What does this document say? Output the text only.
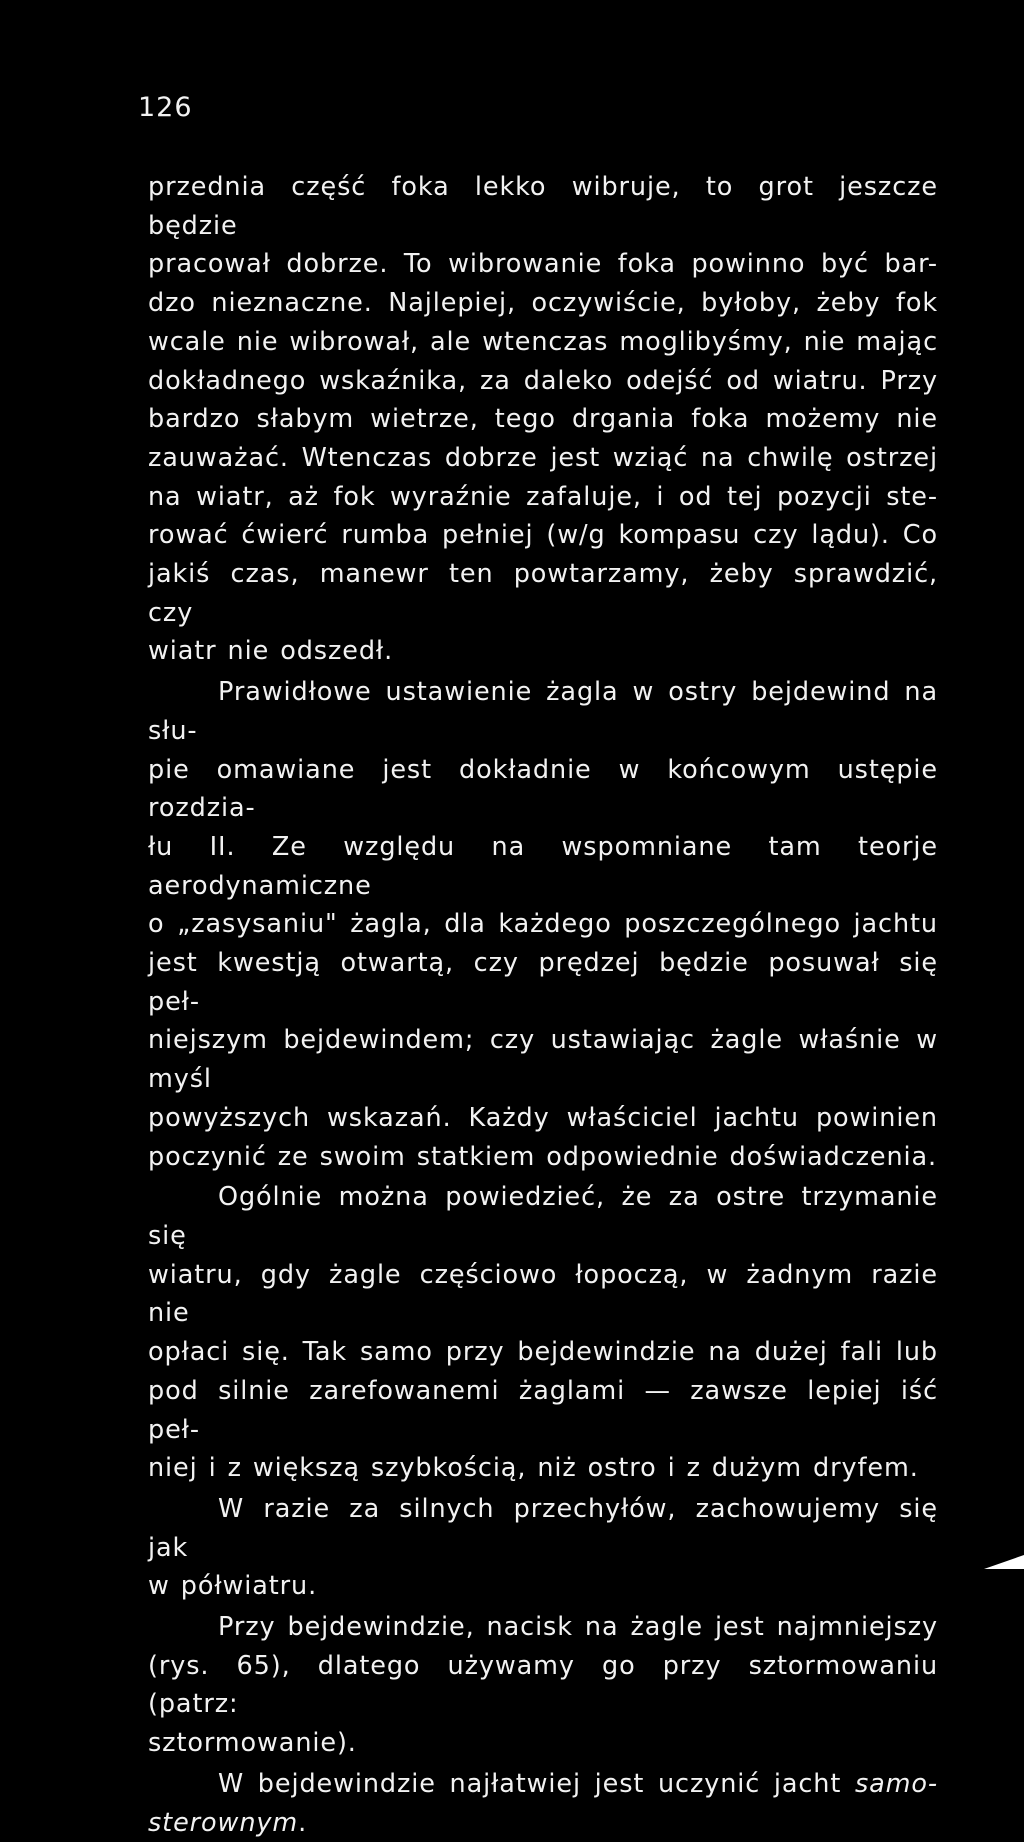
126

przednia część foka lekko wibruje, to grot jeszcze będzie
pracował dobrze. To wibrowanie foka powinno być bar-
dzo nieznaczne. Najlepiej, oczywiście, byłoby, żeby fok
wcale nie wibrował, ale wtenczas moglibyśmy, nie mając
dokładnego wskaźnika, za daleko odejść od wiatru. Przy
bardzo słabym wietrze, tego drgania foka możemy nie
zauważać. Wtenczas dobrze jest wziąć na chwilę ostrzej
na wiatr, aż fok wyraźnie zafaluje, i od tej pozycji ste-
rować ćwierć rumba pełniej (w/g kompasu czy lądu). Co
jakiś czas, manewr ten powtarzamy, żeby sprawdzić, czy
wiatr nie odszedł.

Prawidłowe ustawienie żagla w ostry bejdewind na słu-
pie omawiane jest dokładnie w końcowym ustępie rozdzia-
łu II. Ze względu na wspomniane tam teorje aerodynamiczne
o „zasysaniu" żagla, dla każdego poszczególnego jachtu
jest kwestją otwartą, czy prędzej będzie posuwał się peł-
niejszym bejdewindem; czy ustawiając żagle właśnie w myśl
powyższych wskazań. Każdy właściciel jachtu powinien
poczynić ze swoim statkiem odpowiednie doświadczenia.

Ogólnie można powiedzieć, że za ostre trzymanie się
wiatru, gdy żagle częściowo łopoczą, w żadnym razie nie
opłaci się. Tak samo przy bejdewindzie na dużej fali lub
pod silnie zarefowanemi żaglami — zawsze lepiej iść peł-
niej i z większą szybkością, niż ostro i z dużym dryfem.

W razie za silnych przechyłów, zachowujemy się jak
w półwiatru.

Przy bejdewindzie, nacisk na żagle jest najmniejszy
(rys. 65), dlatego używamy go przy sztormowaniu (patrz:
sztormowanie).

W bejdewindzie najłatwiej jest uczynić jacht samo-
sterownym.
